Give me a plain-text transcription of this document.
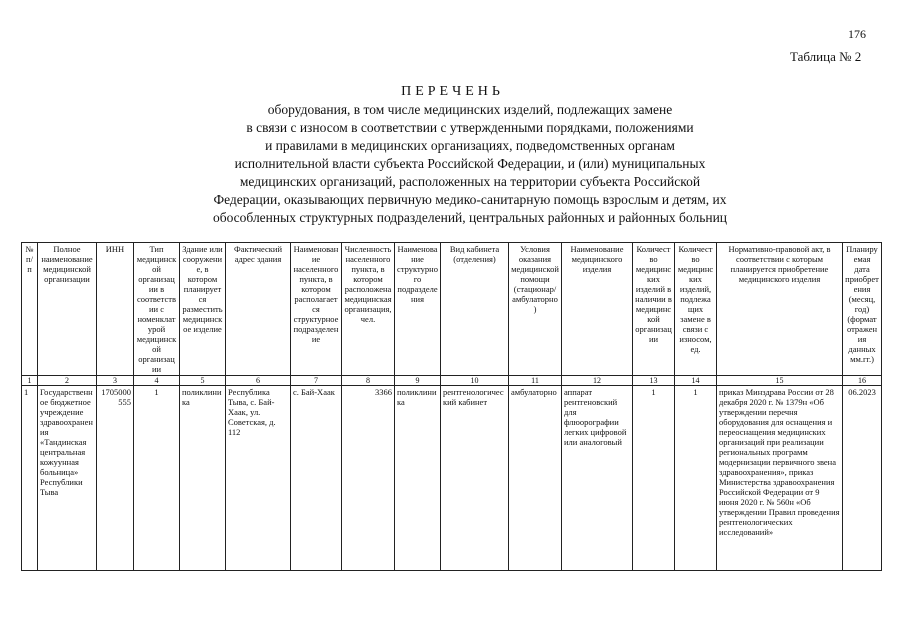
176
Таблица № 2
ПЕРЕЧЕНЬ
оборудования, в том числе медицинских изделий, подлежащих замене
в связи с износом в соответствии с утвержденными порядками, положениями
и правилами в медицинских организациях, подведомственных органам
исполнительной власти субъекта Российской Федерации, и (или) муниципальных
медицинских организаций, расположенных на территории субъекта Российской
Федерации, оказывающих первичную медико-санитарную помощь взрослым и детям, их
обособленных структурных подразделений, центральных районных и районных больниц
№ п/п	Полное наименование медицинской организации	ИНН	Тип медицинской организации в соответствии с номенклатурой медицинской организации	Здание или сооружение, в котором планируется разместить медицинское изделие	Фактический адрес здания	Наименование населенного пункта, в котором располагается структурное подразделение	Численность населенного пункта, в котором расположена медицинская организация, чел.	Наименование структурного подразделения	Вид кабинета (отделения)	Условия оказания медицинской помощи (стационар/амбулаторно)	Наименование медицинского изделия	Количество медицинских изделий в наличии в медицинской организации	Количество медицинских изделий, подлежащих замене в связи с износом, ед.	Нормативно-правовой акт, в соответствии с которым планируется приобретение медицинского изделия	Планируемая дата приобретения (месяц, год) (формат отражения данных мм.гг.)
1	2	3	4	5	6	7	8	9	10	11	12	13	14	15	16
1	Государственное бюджетное учреждение здравоохранения «Тандинская центральная кожуунная больница» Республики Тыва	1705000555	1	поликлиника	Республика Тыва, с. Бай-Хаак, ул. Советская, д. 112	с. Бай-Хаак	3366	поликлиника	рентгенологический кабинет	амбулаторно	аппарат рентгеновский для флюорографии легких цифровой или аналоговый	1	1	приказ Минздрава России от 28 декабря 2020 г. № 1379н «Об утверждении перечня оборудования для оснащения и переоснащения медицинских организаций при реализации региональных программ модернизации первичного звена здравоохранения», приказ Министерства здравоохранения Российской Федерации от 9 июня 2020 г. № 560н «Об утверждении Правил проведения рентгенологических исследований»	06.2023
